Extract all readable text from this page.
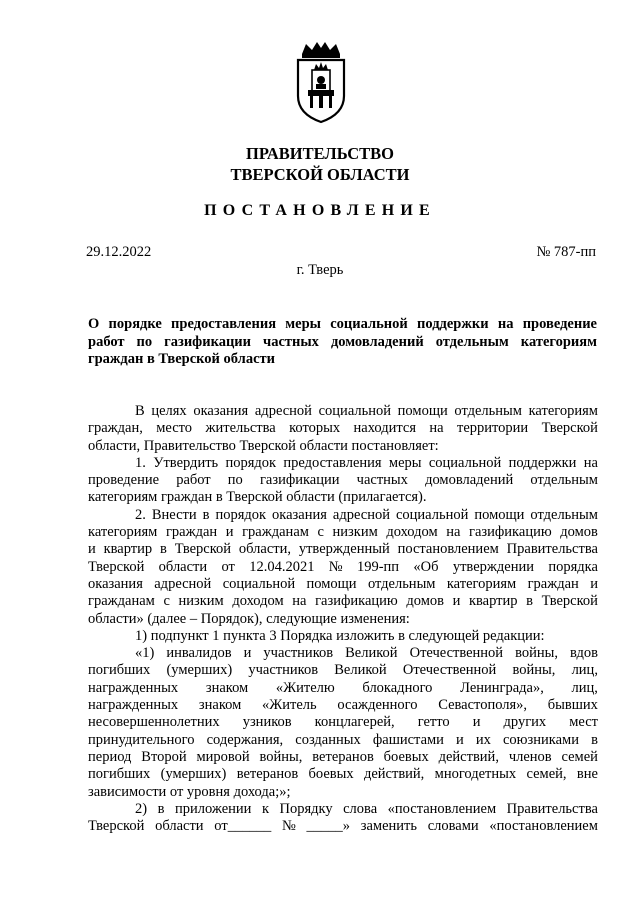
ПРАВИТЕЛЬСТВО
ТВЕРСКОЙ ОБЛАСТИ
ПОСТАНОВЛЕНИЕ
29.12.2022	№ 787-пп
г. Тверь
О порядке предоставления меры социальной поддержки на проведение
работ по газификации частных домовладений отдельным категориям
граждан в Тверской области
В целях оказания адресной социальной помощи отдельным категориям
граждан, место жительства которых находится на территории Тверской
области, Правительство Тверской области постановляет:
1. Утвердить порядок предоставления меры социальной поддержки на
проведение работ по газификации частных домовладений отдельным
категориям граждан в Тверской области (прилагается).
2. Внести в порядок оказания адресной социальной помощи отдельным
категориям граждан и гражданам с низким доходом на газификацию домов
и квартир в Тверской области, утвержденный постановлением Правительства
Тверской области от 12.04.2021 № 199-пп «Об утверждении порядка
оказания адресной социальной помощи отдельным категориям граждан и
гражданам с низким доходом на газификацию домов и квартир в Тверской
области» (далее – Порядок), следующие изменения:
1) подпункт 1 пункта 3 Порядка изложить в следующей редакции:
«1) инвалидов и участников Великой Отечественной войны, вдов
погибших (умерших) участников Великой Отечественной войны, лиц,
награжденных знаком «Жителю блокадного Ленинграда», лиц,
награжденных знаком «Житель осажденного Севастополя», бывших
несовершеннолетних узников концлагерей, гетто и других мест
принудительного содержания, созданных фашистами и их союзниками в
период Второй мировой войны, ветеранов боевых действий, членов семей
погибших (умерших) ветеранов боевых действий, многодетных семей, вне
зависимости от уровня дохода;»;
2) в приложении к Порядку слова «постановлением Правительства
Тверской области от______ № _____» заменить словами «постановлением
